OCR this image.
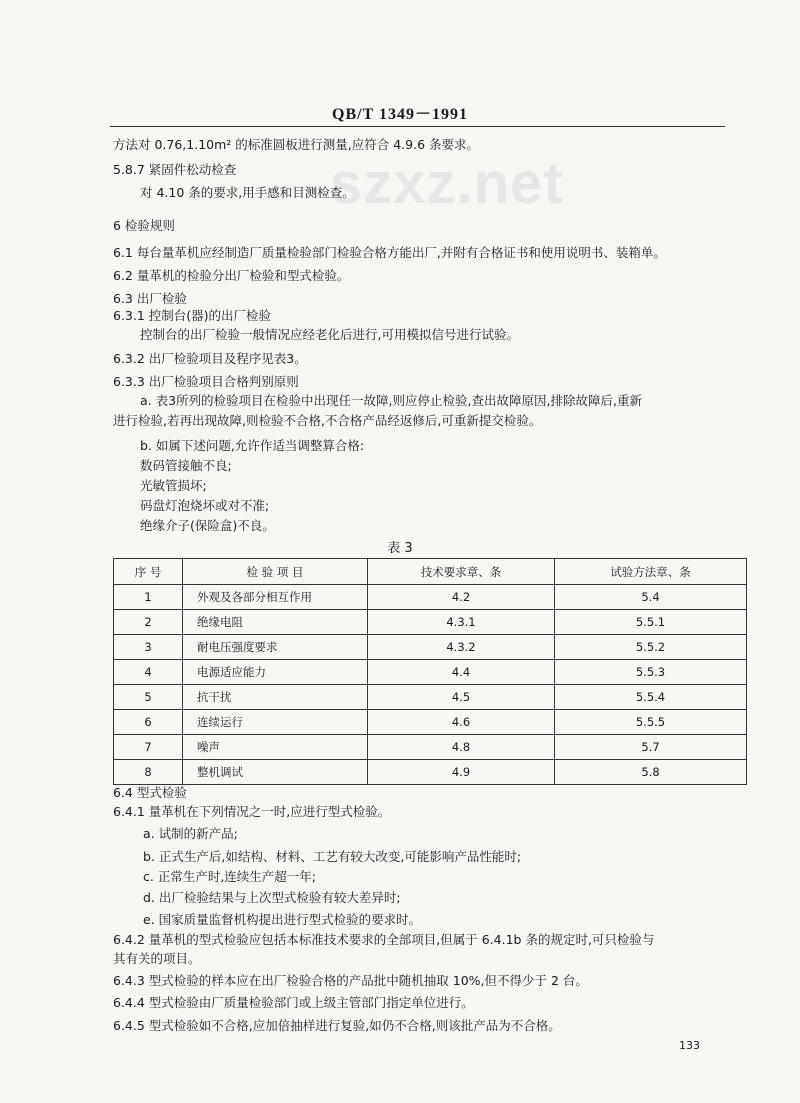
QB/T 1349－1991
szxz.net
方法对 0.76,1.10m² 的标准圆板进行测量,应符合 4.9.6 条要求。
5.8.7 紧固件松动检查
对 4.10 条的要求,用手感和目测检查。
6 检验规则
6.1 每台量革机应经制造厂质量检验部门检验合格方能出厂,并附有合格证书和使用说明书、装箱单。
6.2 量革机的检验分出厂检验和型式检验。
6.3 出厂检验
6.3.1 控制台(器)的出厂检验
控制台的出厂检验一般情况应经老化后进行,可用模拟信号进行试验。
6.3.2 出厂检验项目及程序见表3。
6.3.3 出厂检验项目合格判别原则
a. 表3所列的检验项目在检验中出现任一故障,则应停止检验,查出故障原因,排除故障后,重新
进行检验,若再出现故障,则检验不合格,不合格产品经返修后,可重新提交检验。
b. 如属下述问题,允许作适当调整算合格:
数码管接触不良;
光敏管损坏;
码盘灯泡烧坏或对不准;
绝缘介子(保险盒)不良。
6.4 型式检验
6.4.1 量革机在下列情况之一时,应进行型式检验。
a. 试制的新产品;
b. 正式生产后,如结构、材料、工艺有较大改变,可能影响产品性能时;
c. 正常生产时,连续生产超一年;
d. 出厂检验结果与上次型式检验有较大差异时;
e. 国家质量监督机构提出进行型式检验的要求时。
6.4.2 量革机的型式检验应包括本标准技术要求的全部项目,但属于 6.4.1b 条的规定时,可只检验与
其有关的项目。
6.4.3 型式检验的样本应在出厂检验合格的产品批中随机抽取 10%,但不得少于 2 台。
6.4.4 型式检验由厂质量检验部门或上级主管部门指定单位进行。
6.4.5 型式检验如不合格,应加倍抽样进行复验,如仍不合格,则该批产品为不合格。
表 3
序 号	检 验 项 目	技术要求章、条	试验方法章、条
1	外观及各部分相互作用	4.2	5.4
2	绝缘电阻	4.3.1	5.5.1
3	耐电压强度要求	4.3.2	5.5.2
4	电源适应能力	4.4	5.5.3
5	抗干扰	4.5	5.5.4
6	连续运行	4.6	5.5.5
7	噪声	4.8	5.7
8	整机调试	4.9	5.8
133
